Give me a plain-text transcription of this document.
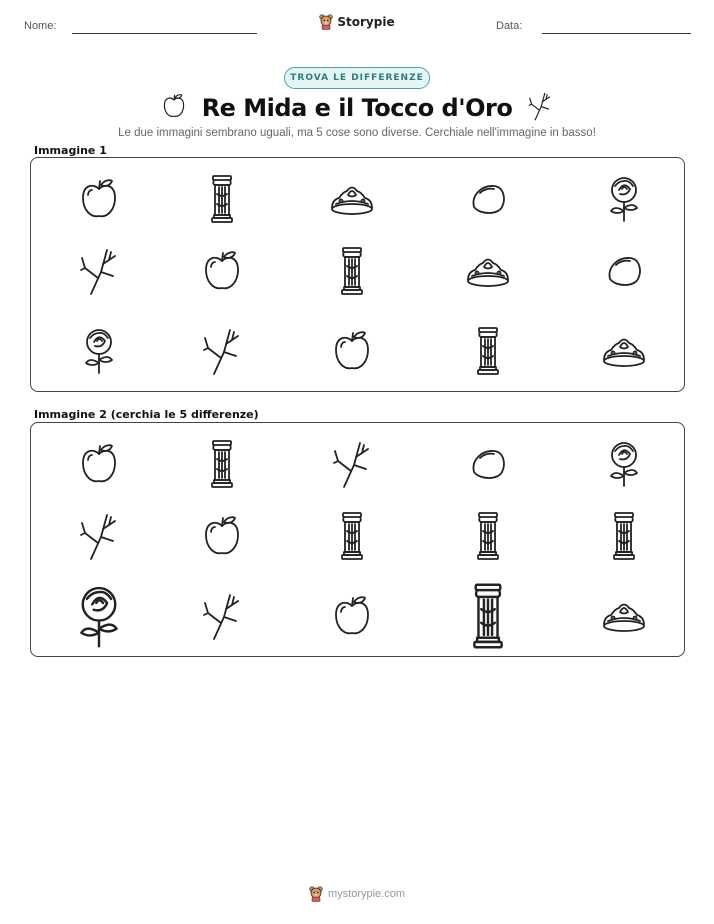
Nome:	Storypie	Data:
TROVA LE DIFFERENZE
Re Mida e il Tocco d'Oro
Le due immagini sembrano uguali, ma 5 cose sono diverse. Cerchiale nell'immagine in basso!
Immagine 1
Immagine 2 (cerchia le 5 differenze)
mystorypie.com
